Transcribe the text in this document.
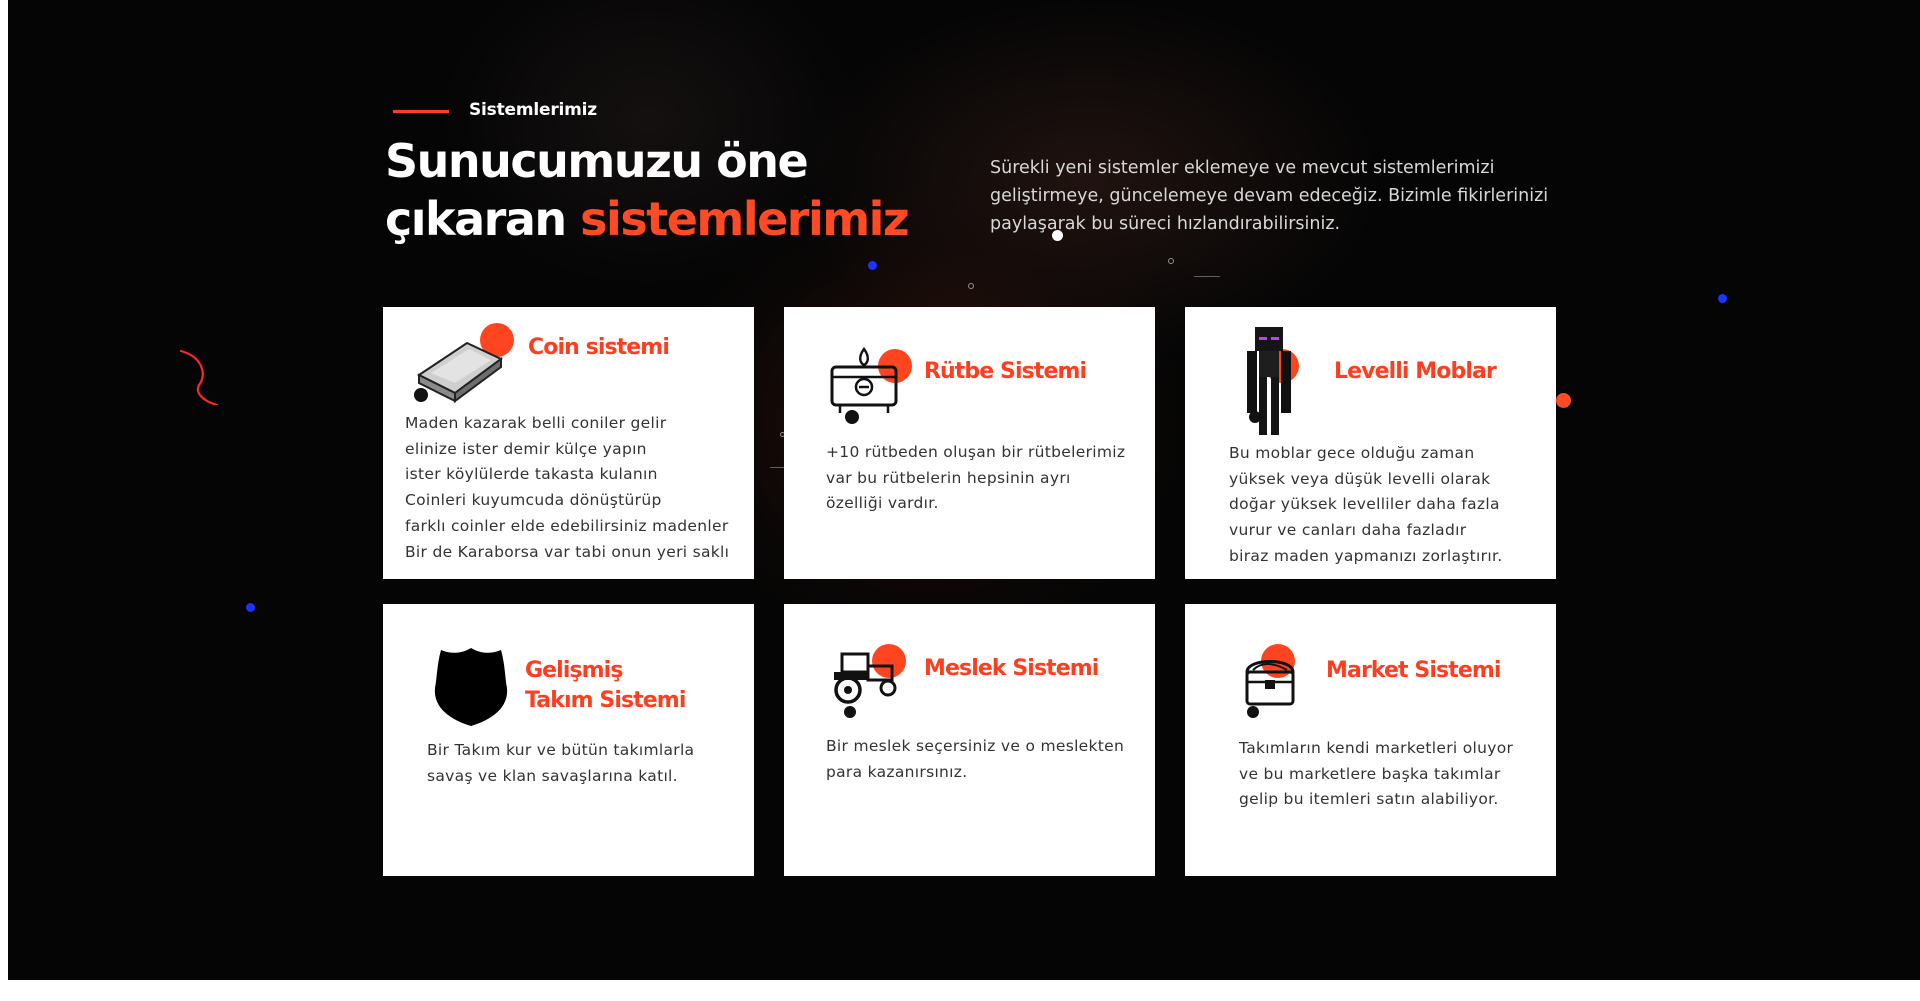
Sistemlerimiz
Sunucumuzu öne
çıkaran sistemlerimiz

Sürekli yeni sistemler eklemeye ve mevcut sistemlerimizi geliştirmeye, güncelemeye devam edeceğiz. Bizimle fikirlerinizi paylaşarak bu süreci hızlandırabilirsiniz.

Coin sistemi

Maden kazarak belli coniler gelir
elinize ister demir külçe yapın
ister köylülerde takasta kulanın
Coinleri kuyumcuda dönüştürüp
farklı coinler elde edebilirsiniz madenler
Bir de Karaborsa var tabi onun yeri saklı

Rütbe Sistemi

+10 rütbeden oluşan bir rütbelerimiz
var bu rütbelerin hepsinin ayrı
özelliği vardır.

Levelli Moblar

Bu moblar gece olduğu zaman
yüksek veya düşük levelli olarak
doğar yüksek levelliler daha fazla
vurur ve canları daha fazladır
biraz maden yapmanızı zorlaştırır.

Gelişmiş
Takım Sistemi

Bir Takım kur ve bütün takımlarla
savaş ve klan savaşlarına katıl.

Meslek Sistemi

Bir meslek seçersiniz ve o meslekten
para kazanırsınız.

Market Sistemi

Takımların kendi marketleri oluyor
ve bu marketlere başka takımlar
gelip bu itemleri satın alabiliyor.
